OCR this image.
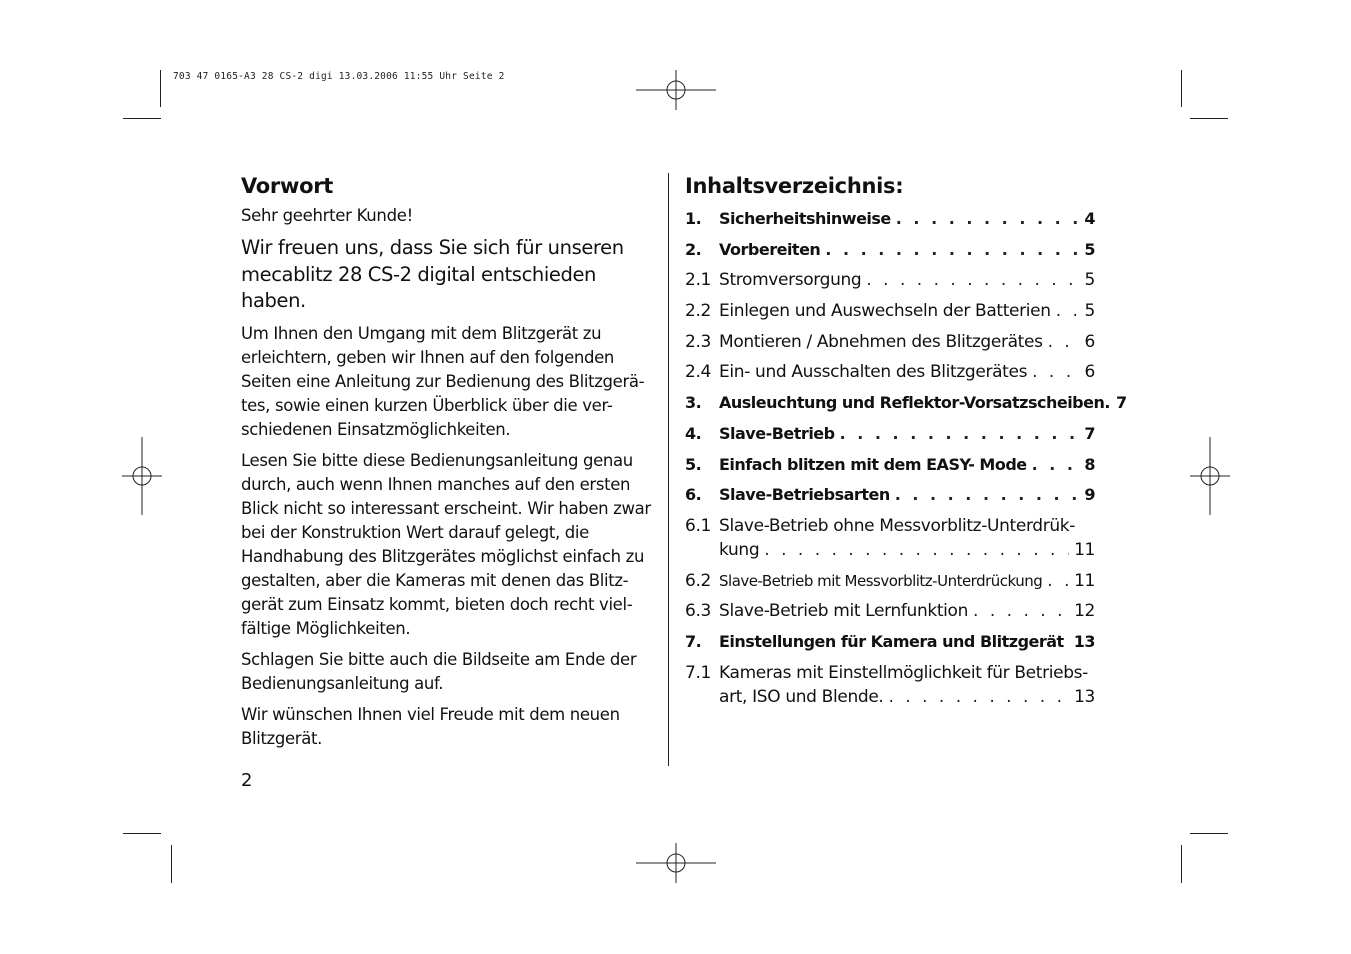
703 47 0165-A3 28 CS-2 digi 13.03.2006 11:55 Uhr Seite 2
Vorwort
Sehr geehrter Kunde!
Wir freuen uns, dass Sie sich für unseren mecablitz 28 CS-2 digital entschieden haben.
Um Ihnen den Umgang mit dem Blitzgerät zu erleichtern, geben wir Ihnen auf den folgenden Seiten eine Anleitung zur Bedienung des Blitzgerä-tes, sowie einen kurzen Überblick über die ver-schiedenen Einsatzmöglichkeiten.
Lesen Sie bitte diese Bedienungsanleitung genau durch, auch wenn Ihnen manches auf den ersten Blick nicht so interessant erscheint. Wir haben zwar bei der Konstruktion Wert darauf gelegt, die Handhabung des Blitzgerätes möglichst einfach zu gestalten, aber die Kameras mit denen das Blitz-gerät zum Einsatz kommt, bieten doch recht viel-fältige Möglichkeiten.
Schlagen Sie bitte auch die Bildseite am Ende der Bedienungsanleitung auf.
Wir wünschen Ihnen viel Freude mit dem neuen Blitzgerät.
2
Inhaltsverzeichnis:
1.	Sicherheitshinweise . . .	4
2.	Vorbereiten . . .	5
2.1 Stromversorgung . . .	5
2.2 Einlegen und Auswechseln der Batterien . . . 5
2.3 Montieren / Abnehmen des Blitzgerätes . . . 6
2.4 Ein- und Ausschalten des Blitzgerätes . . .	6
3.	Ausleuchtung und Reflektor-Vorsatzscheiben. 7
4.	Slave-Betrieb . . .	7
5.	Einfach blitzen mit dem EASY- Mode . . .	8
6.	Slave-Betriebsarten . . .	9
6.1 Slave-Betrieb ohne Messvorblitz-Unterdrük-
kung . . .	11
6.2 Slave-Betrieb mit Messvorblitz-Unterdrückung . . . 11
6.3 Slave-Betrieb mit Lernfunktion . . .	12
7.	Einstellungen für Kamera und Blitzgerät . . . 13
7.1 Kameras mit Einstellmöglichkeit für Betriebs-
art, ISO und Blende. . . .	13
